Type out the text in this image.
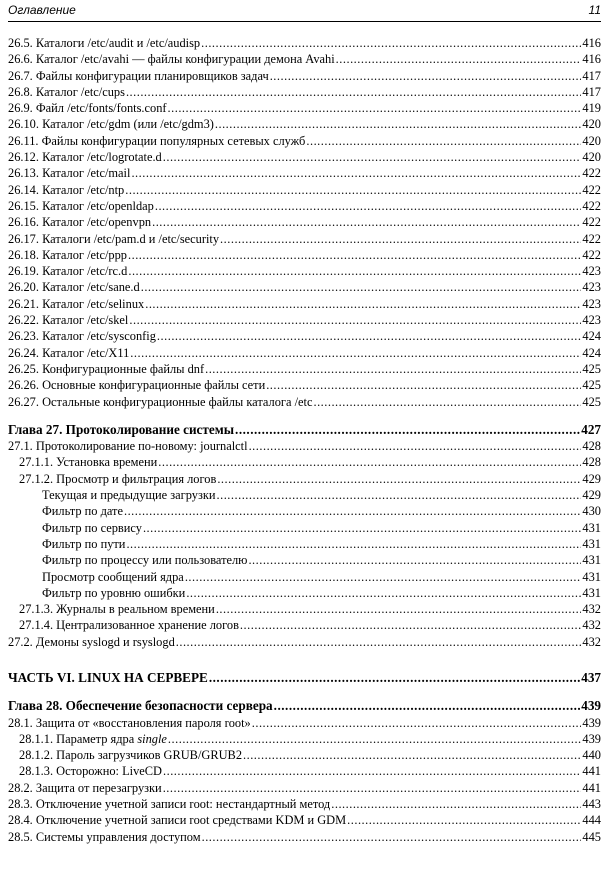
Оглавление	11
26.5. Каталоги /etc/audit и /etc/audisp .....	416
26.6. Каталог /etc/avahi — файлы конфигурации демона Avahi .....	416
26.7. Файлы конфигурации планировщиков задач .....	417
26.8. Каталог /etc/cups .....	417
26.9. Файл /etc/fonts/fonts.conf .....	419
26.10. Каталог /etc/gdm (или /etc/gdm3) .....	420
26.11. Файлы конфигурации популярных сетевых служб .....	420
26.12. Каталог /etc/logrotate.d .....	420
26.13. Каталог /etc/mail .....	422
26.14. Каталог /etc/ntp .....	422
26.15. Каталог /etc/openldap .....	422
26.16. Каталог /etc/openvpn .....	422
26.17. Каталоги /etc/pam.d и /etc/security .....	422
26.18. Каталог /etc/ppp .....	422
26.19. Каталог /etc/rc.d .....	423
26.20. Каталог /etc/sane.d .....	423
26.21. Каталог /etc/selinux .....	423
26.22. Каталог /etc/skel .....	423
26.23. Каталог /etc/sysconfig .....	424
26.24. Каталог /etc/X11 .....	424
26.25. Конфигурационные файлы dnf .....	425
26.26. Основные конфигурационные файлы сети .....	425
26.27. Остальные конфигурационные файлы каталога /etc .....	425
Глава 27. Протоколирование системы .....	427
27.1. Протоколирование по-новому: journalctl .....	428
27.1.1. Установка времени .....	428
27.1.2. Просмотр и фильтрация логов .....	429
Текущая и предыдущие загрузки .....	429
Фильтр по дате .....	430
Фильтр по сервису .....	431
Фильтр по пути .....	431
Фильтр по процессу или пользователю .....	431
Просмотр сообщений ядра .....	431
Фильтр по уровню ошибки .....	431
27.1.3. Журналы в реальном времени .....	432
27.1.4. Централизованное хранение логов .....	432
27.2. Демоны syslogd и rsyslogd .....	432
ЧАСТЬ VI. LINUX НА СЕРВЕРЕ .....	437
Глава 28. Обеспечение безопасности сервера .....	439
28.1. Защита от «восстановления пароля root» .....	439
28.1.1. Параметр ядра single .....	439
28.1.2. Пароль загрузчиков GRUB/GRUB2 .....	440
28.1.3. Осторожно: LiveCD .....	441
28.2. Защита от перезагрузки .....	441
28.3. Отключение учетной записи root: нестандартный метод .....	443
28.4. Отключение учетной записи root средствами KDM и GDM .....	444
28.5. Системы управления доступом .....	445
